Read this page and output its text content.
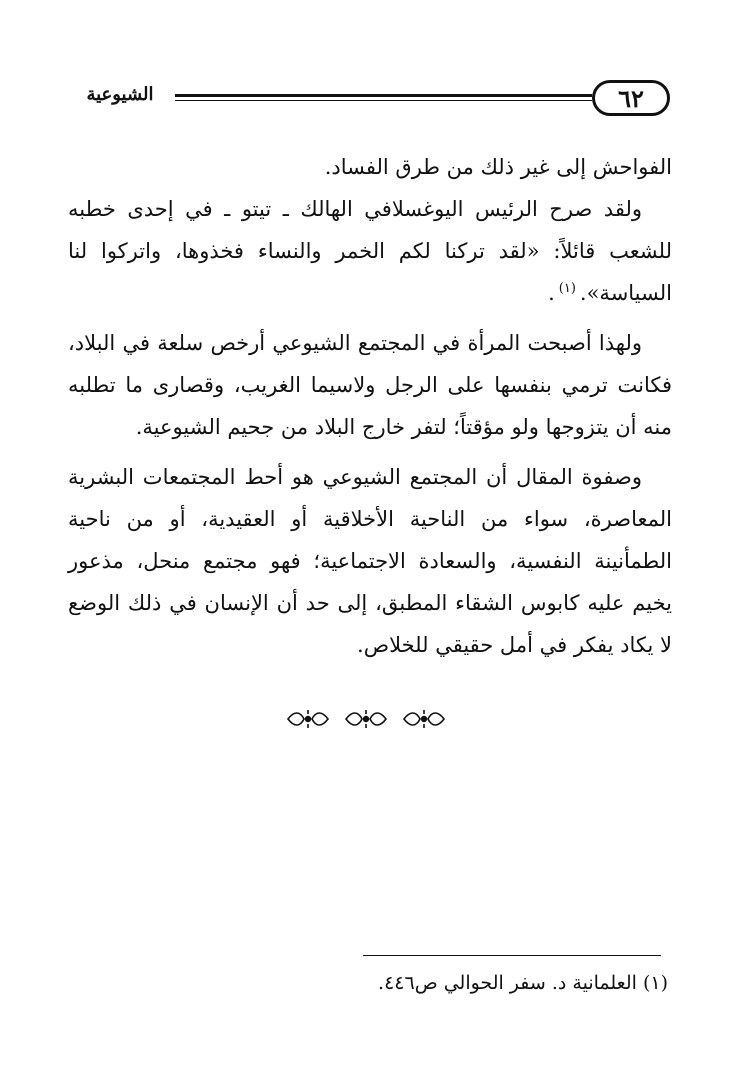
الشيوعية	٦٢

الفواحش إلى غير ذلك من طرق الفساد.

ولقد صرح الرئيس اليوغسلافي الهالك ـ تيتو ـ في إحدى خطبه للشعب قائلاً: «لقد تركنا لكم الخمر والنساء فخذوها، واتركوا لنا السياسة».$^{(١)}$.

ولهذا أصبحت المرأة في المجتمع الشيوعي أرخص سلعة في البلاد، فكانت ترمي بنفسها على الرجل ولاسيما الغريب، وقصارى ما تطلبه منه أن يتزوجها ولو مؤقتاً؛ لتفر خارج البلاد من جحيم الشيوعية.

وصفوة المقال أن المجتمع الشيوعي هو أحط المجتمعات البشرية المعاصرة، سواء من الناحية الأخلاقية أو العقيدية، أو من ناحية الطمأنينة النفسية، والسعادة الاجتماعية؛ فهو مجتمع منحل، مذعور يخيم عليه كابوس الشقاء المطبق، إلى حد أن الإنسان في ذلك الوضع لا يكاد يفكر في أمل حقيقي للخلاص.

(١) العلمانية د. سفر الحوالي ص٤٤٦.
